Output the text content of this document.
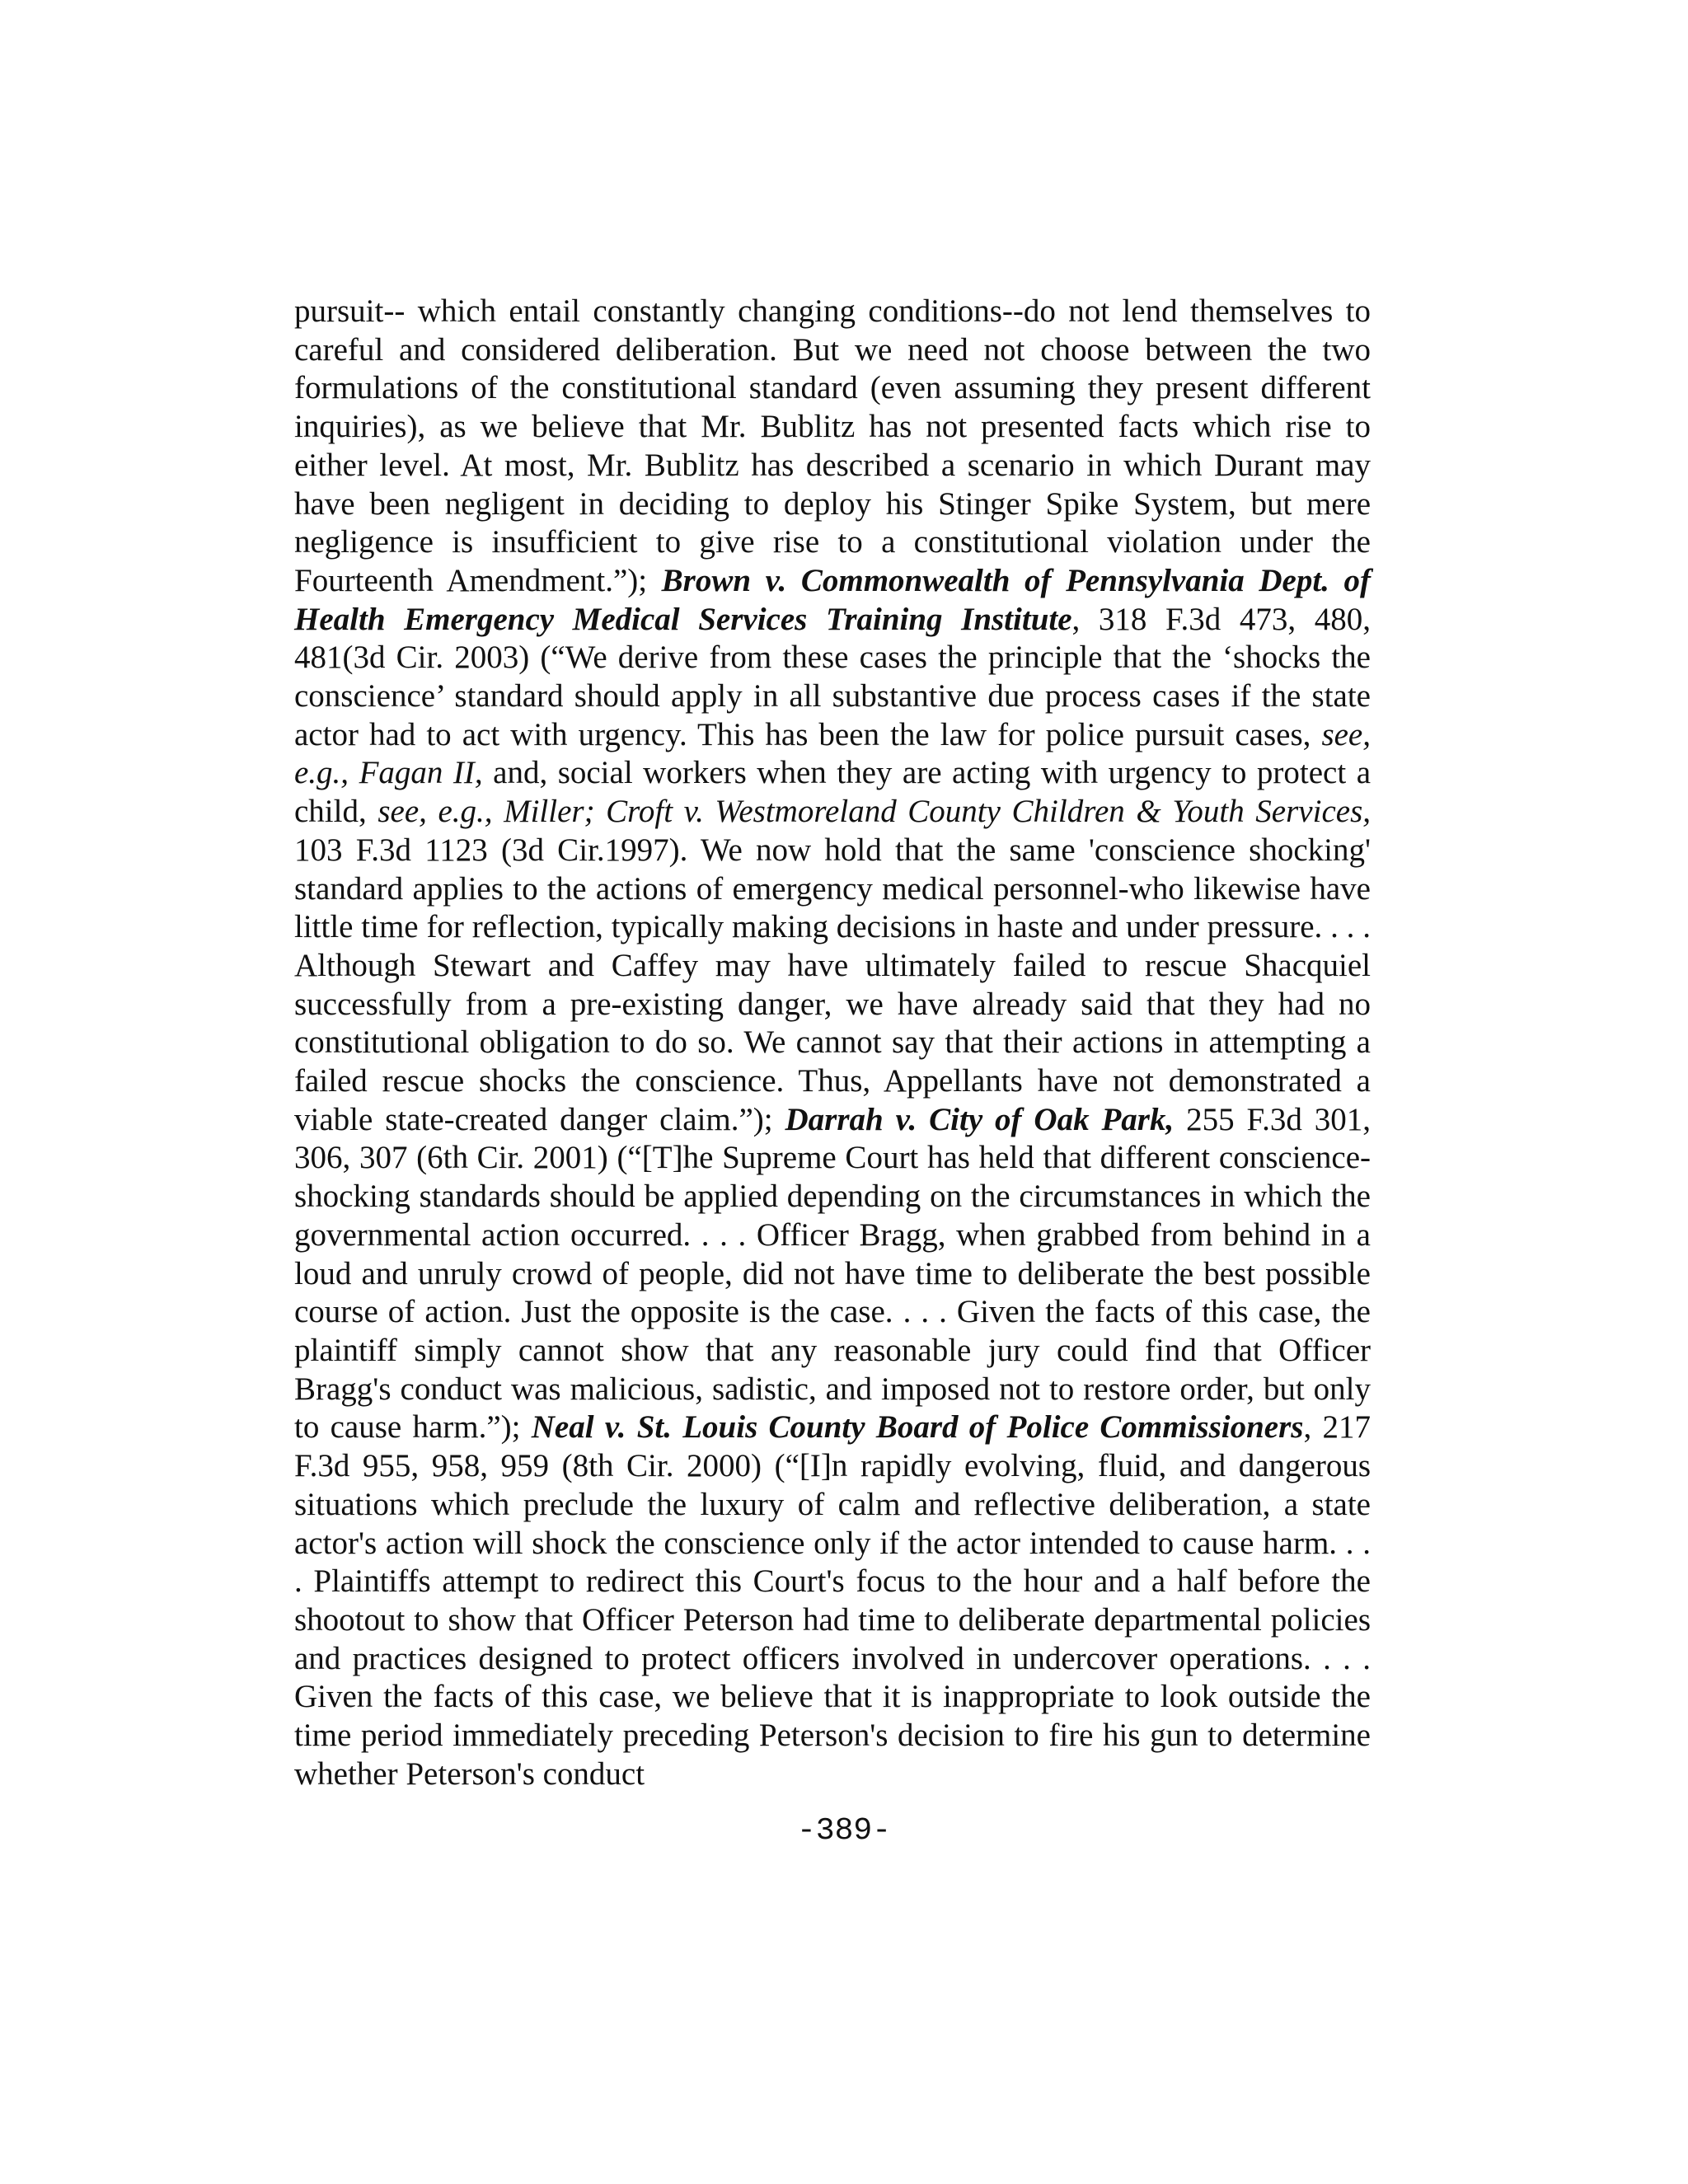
pursuit-- which entail constantly changing conditions--do not lend themselves to careful and considered deliberation. But we need not choose between the two formulations of the constitutional standard (even assuming they present different inquiries), as we believe that Mr. Bublitz has not presented facts which rise to either level. At most, Mr. Bublitz has described a scenario in which Durant may have been negligent in deciding to deploy his Stinger Spike System, but mere negligence is insufficient to give rise to a constitutional violation under the Fourteenth Amendment.”); Brown v. Commonwealth of Pennsylvania Dept. of Health Emergency Medical Services Training Institute, 318 F.3d 473, 480, 481(3d Cir. 2003) (“We derive from these cases the principle that the ‘shocks the conscience’ standard should apply in all substantive due process cases if the state actor had to act with urgency. This has been the law for police pursuit cases, see, e.g., Fagan II, and, social workers when they are acting with urgency to protect a child, see, e.g., Miller; Croft v. Westmoreland County Children & Youth Services, 103 F.3d 1123 (3d Cir.1997). We now hold that the same 'conscience shocking' standard applies to the actions of emergency medical personnel-who likewise have little time for reflection, typically making decisions in haste and under pressure. . . . Although Stewart and Caffey may have ultimately failed to rescue Shacquiel successfully from a pre-existing danger, we have already said that they had no constitutional obligation to do so. We cannot say that their actions in attempting a failed rescue shocks the conscience. Thus, Appellants have not demonstrated a viable state-created danger claim.”); Darrah v. City of Oak Park, 255 F.3d 301, 306, 307 (6th Cir. 2001) (“[T]he Supreme Court has held that different conscience-shocking standards should be applied depending on the circumstances in which the governmental action occurred. . . . Officer Bragg, when grabbed from behind in a loud and unruly crowd of people, did not have time to deliberate the best possible course of action. Just the opposite is the case. . . . Given the facts of this case, the plaintiff simply cannot show that any reasonable jury could find that Officer Bragg's conduct was malicious, sadistic, and imposed not to restore order, but only to cause harm.”); Neal v. St. Louis County Board of Police Commissioners, 217 F.3d 955, 958, 959 (8th Cir. 2000) (“[I]n rapidly evolving, fluid, and dangerous situations which preclude the luxury of calm and reflective deliberation, a state actor's action will shock the conscience only if the actor intended to cause harm. . . . Plaintiffs attempt to redirect this Court's focus to the hour and a half before the shootout to show that Officer Peterson had time to deliberate departmental policies and practices designed to protect officers involved in undercover operations. . . . Given the facts of this case, we believe that it is inappropriate to look outside the time period immediately preceding Peterson's decision to fire his gun to determine whether Peterson's conduct

-389-
